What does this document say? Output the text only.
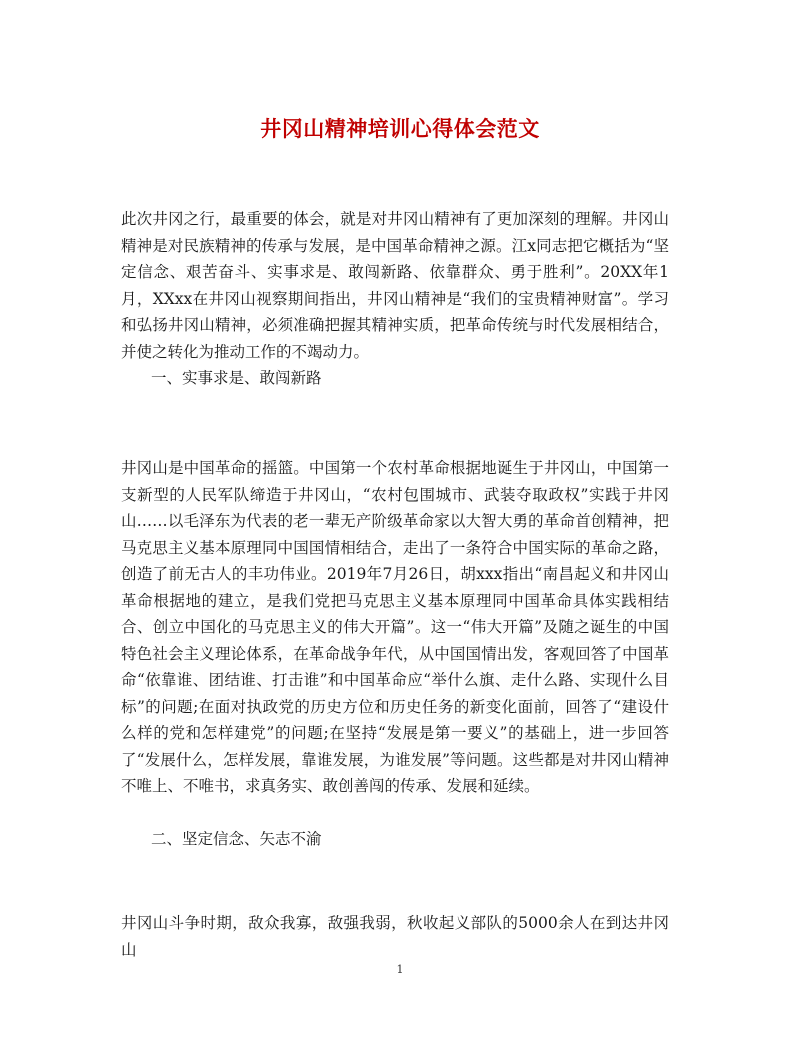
井冈山精神培训心得体会范文

此次井冈之行，最重要的体会，就是对井冈山精神有了更加深刻的理解。井冈山精神是对民族精神的传承与发展，是中国革命精神之源。江x同志把它概括为“坚定信念、艰苦奋斗、实事求是、敢闯新路、依靠群众、勇于胜利”。20XX年1月，XXxx在井冈山视察期间指出，井冈山精神是“我们的宝贵精神财富”。学习和弘扬井冈山精神，必须准确把握其精神实质，把革命传统与时代发展相结合，并使之转化为推动工作的不竭动力。

一、实事求是、敢闯新路

井冈山是中国革命的摇篮。中国第一个农村革命根据地诞生于井冈山，中国第一支新型的人民军队缔造于井冈山，“农村包围城市、武装夺取政权”实践于井冈山……以毛泽东为代表的老一辈无产阶级革命家以大智大勇的革命首创精神，把马克思主义基本原理同中国国情相结合，走出了一条符合中国实际的革命之路，创造了前无古人的丰功伟业。2019年7月26日，胡xxx指出“南昌起义和井冈山革命根据地的建立，是我们党把马克思主义基本原理同中国革命具体实践相结合、创立中国化的马克思主义的伟大开篇”。这一“伟大开篇”及随之诞生的中国特色社会主义理论体系，在革命战争年代，从中国国情出发，客观回答了中国革命“依靠谁、团结谁、打击谁”和中国革命应“举什么旗、走什么路、实现什么目标”的问题;在面对执政党的历史方位和历史任务的新变化面前，回答了“建设什么样的党和怎样建党”的问题;在坚持“发展是第一要义”的基础上，进一步回答了“发展什么，怎样发展，靠谁发展，为谁发展”等问题。这些都是对井冈山精神不唯上、不唯书，求真务实、敢创善闯的传承、发展和延续。

二、坚定信念、矢志不渝

井冈山斗争时期，敌众我寡，敌强我弱，秋收起义部队的5000余人在到达井冈山

1
